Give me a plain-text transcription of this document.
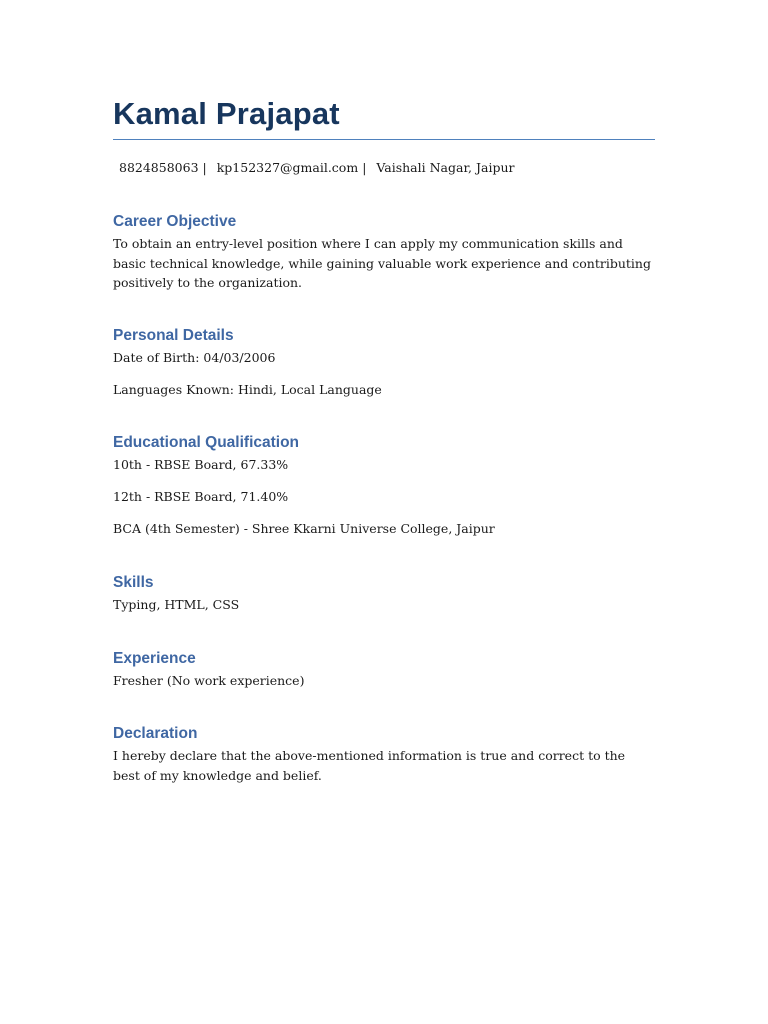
Kamal Prajapat
8824858063 | kp152327@gmail.com | Vaishali Nagar, Jaipur
Career Objective

To obtain an entry-level position where I can apply my communication skills and basic technical knowledge, while gaining valuable work experience and contributing positively to the organization.

Personal Details

Date of Birth: 04/03/2006

Languages Known: Hindi, Local Language

Educational Qualification

10th - RBSE Board, 67.33%

12th - RBSE Board, 71.40%

BCA (4th Semester) - Shree Kkarni Universe College, Jaipur

Skills

Typing, HTML, CSS

Experience

Fresher (No work experience)

Declaration

I hereby declare that the above-mentioned information is true and correct to the best of my knowledge and belief.
